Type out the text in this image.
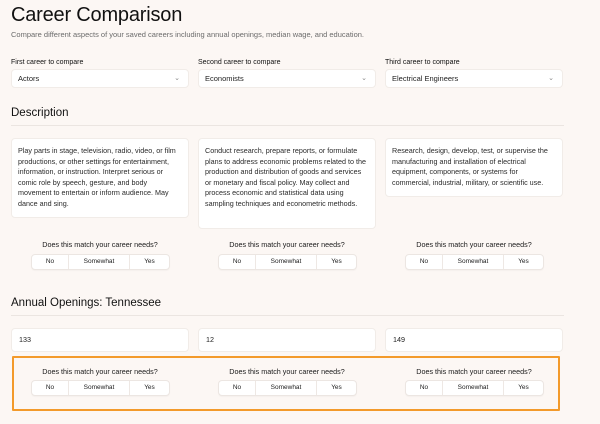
Career Comparison

Compare different aspects of your saved careers including annual openings, median wage, and education.

First career to compare
Actors	⌄
Second career to compare
Economists	⌄
Third career to compare
Electrical Engineers	⌄
Description
Play parts in stage, television, radio, video, or film productions, or other settings for entertainment, information, or instruction. Interpret serious or comic role by speech, gesture, and body movement to entertain or inform audience. May dance and sing.
Conduct research, prepare reports, or formulate plans to address economic problems related to the production and distribution of goods and services or monetary and fiscal policy. May collect and process economic and statistical data using sampling techniques and econometric methods.
Research, design, develop, test, or supervise the manufacturing and installation of electrical equipment, components, or systems for commercial, industrial, military, or scientific use.
Does this match your career needs?
No	Somewhat	Yes
Does this match your career needs?
No	Somewhat	Yes
Does this match your career needs?
No	Somewhat	Yes
Annual Openings: Tennessee
133	12	149
Does this match your career needs?
No	Somewhat	Yes
Does this match your career needs?
No	Somewhat	Yes
Does this match your career needs?
No	Somewhat	Yes
